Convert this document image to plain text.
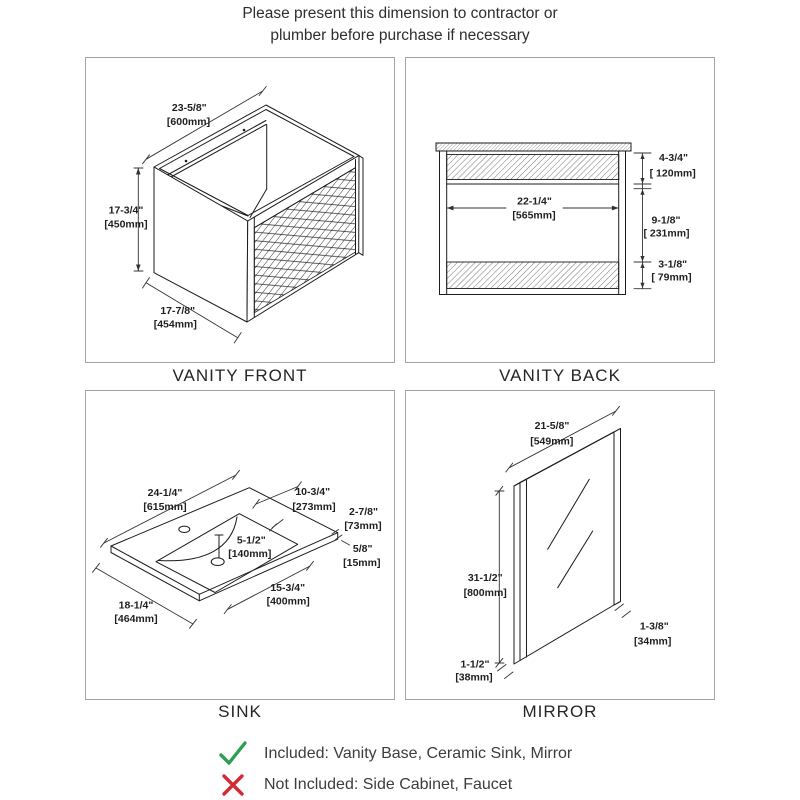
Please present this dimension to contractor or
plumber before purchase if necessary
23-5/8"
[600mm]
17-3/4"
[450mm]
17-7/8"
[454mm]
VANITY FRONT
22-1/4"
[565mm]
4-3/4"
[ 120mm]
9-1/8"
[ 231mm]
3-1/8"
[ 79mm]
VANITY BACK
24-1/4"
[615mm]
10-3/4"
[273mm] 2-7/8"
[73mm]
5/8"
[15mm]
5-1/2"
[140mm]
15-3/4"
[400mm]
18-1/4"
[464mm]
SINK
21-5/8"
[549mm]
31-1/2"
[800mm]
1-3/8"
[34mm]
1-1/2"
[38mm]
MIRROR
Included: Vanity Base, Ceramic Sink, Mirror
Not Included: Side Cabinet, Faucet
